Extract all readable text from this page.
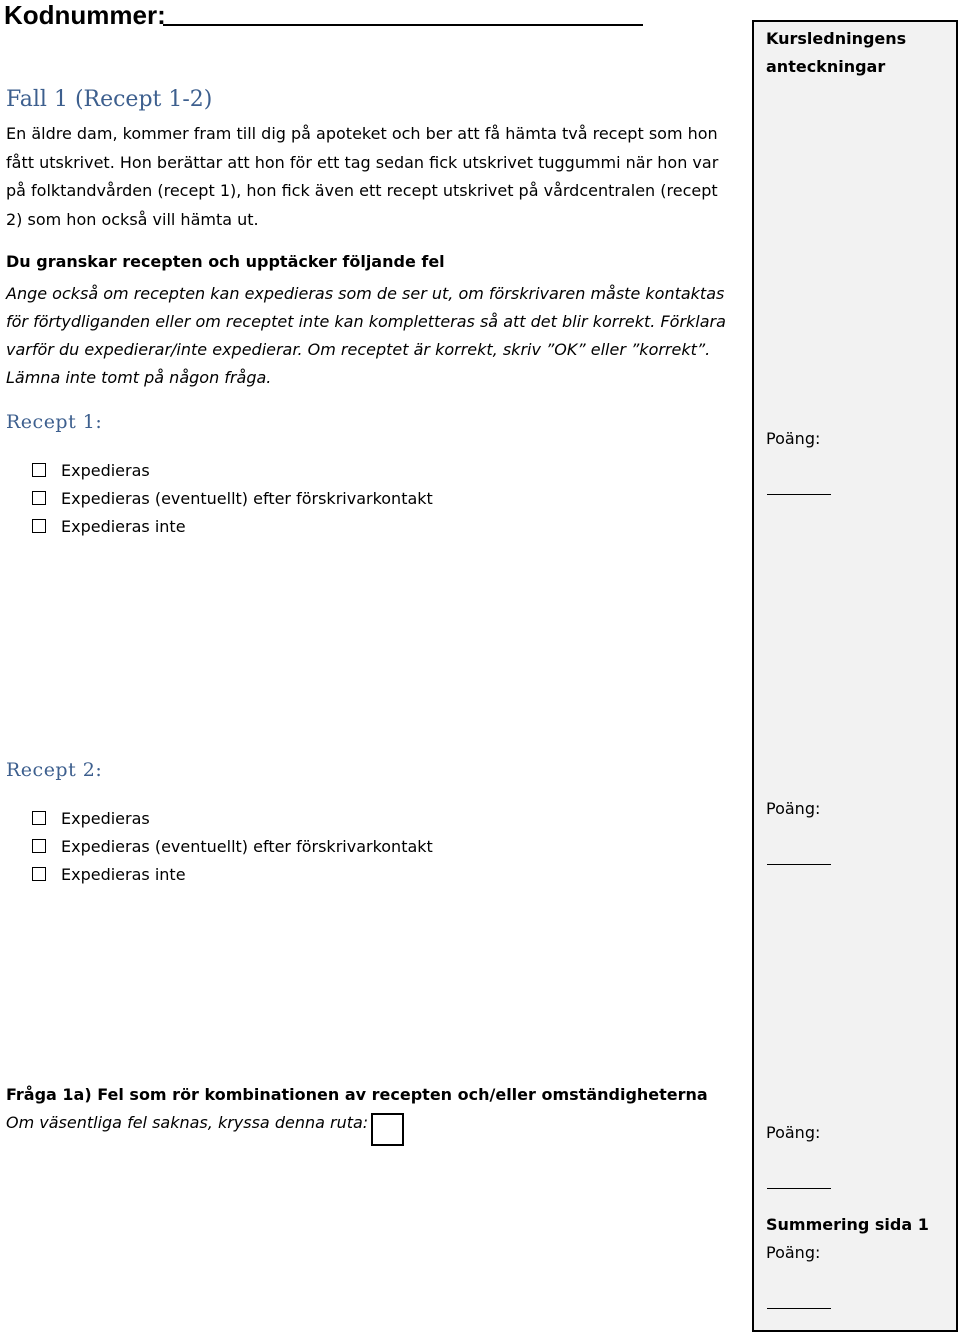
Kodnummer:
Fall 1 (Recept 1-2)
En äldre dam, kommer fram till dig på apoteket och ber att få hämta två recept som hon
fått utskrivet. Hon berättar att hon för ett tag sedan fick utskrivet tuggummi när hon var
på folktandvården (recept 1), hon fick även ett recept utskrivet på vårdcentralen (recept
2) som hon också vill hämta ut.
Du granskar recepten och upptäcker följande fel
Ange också om recepten kan expedieras som de ser ut, om förskrivaren måste kontaktas
för förtydliganden eller om receptet inte kan kompletteras så att det blir korrekt. Förklara
varför du expedierar/inte expedierar. Om receptet är korrekt, skriv ”OK” eller ”korrekt”.
Lämna inte tomt på någon fråga.
Recept 1:
Expedieras
Expedieras (eventuellt) efter förskrivarkontakt
Expedieras inte
Recept 2:
Expedieras
Expedieras (eventuellt) efter förskrivarkontakt
Expedieras inte
Fråga 1a) Fel som rör kombinationen av recepten och/eller omständigheterna
Om väsentliga fel saknas, kryssa denna ruta:
Kursledningens
anteckningar
Poäng:
Poäng:
Poäng:
Summering sida 1
Poäng:
